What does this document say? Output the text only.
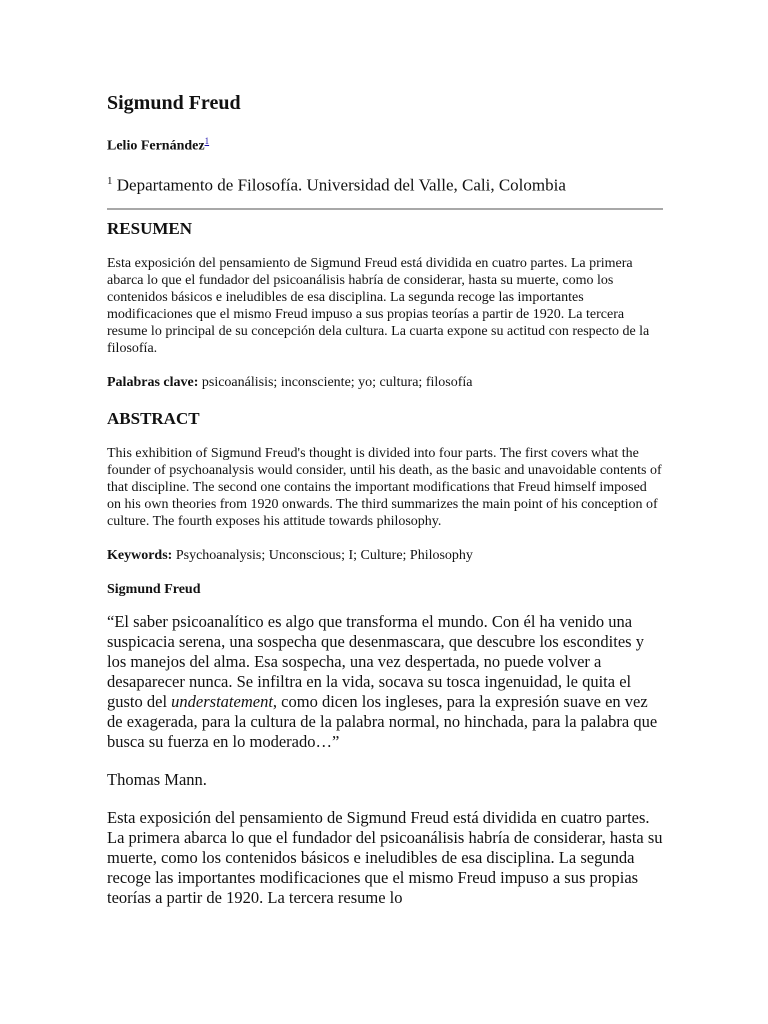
Sigmund Freud
Lelio Fernández$^1$
$^1$ Departamento de Filosofía. Universidad del Valle, Cali, Colombia
RESUMEN

Esta exposición del pensamiento de Sigmund Freud está dividida en cuatro partes. La primera abarca lo que el fundador del psicoanálisis habría de considerar, hasta su muerte, como los contenidos básicos e ineludibles de esa disciplina. La segunda recoge las importantes modificaciones que el mismo Freud impuso a sus propias teorías a partir de 1920. La tercera resume lo principal de su concepción dela cultura. La cuarta expone su actitud con respecto de la filosofía.

Palabras clave: psicoanálisis; inconsciente; yo; cultura; filosofía

ABSTRACT

This exhibition of Sigmund Freud's thought is divided into four parts. The first covers what the founder of psychoanalysis would consider, until his death, as the basic and unavoidable contents of that discipline. The second one contains the important modifications that Freud himself imposed on his own theories from 1920 onwards. The third summarizes the main point of his conception of culture. The fourth exposes his attitude towards philosophy.

Keywords: Psychoanalysis; Unconscious; I; Culture; Philosophy

Sigmund Freud

“El saber psicoanalítico es algo que transforma el mundo. Con él ha venido una suspicacia serena, una sospecha que desenmascara, que descubre los escondites y los manejos del alma. Esa sospecha, una vez despertada, no puede volver a desaparecer nunca. Se infiltra en la vida, socava su tosca ingenuidad, le quita el gusto del understatement, como dicen los ingleses, para la expresión suave en vez de exagerada, para la cultura de la palabra normal, no hinchada, para la palabra que busca su fuerza en lo moderado…”

Thomas Mann.

Esta exposición del pensamiento de Sigmund Freud está dividida en cuatro partes. La primera abarca lo que el fundador del psicoanálisis habría de considerar, hasta su muerte, como los contenidos básicos e ineludibles de esa disciplina. La segunda recoge las importantes modificaciones que el mismo Freud impuso a sus propias teorías a partir de 1920. La tercera resume lo
